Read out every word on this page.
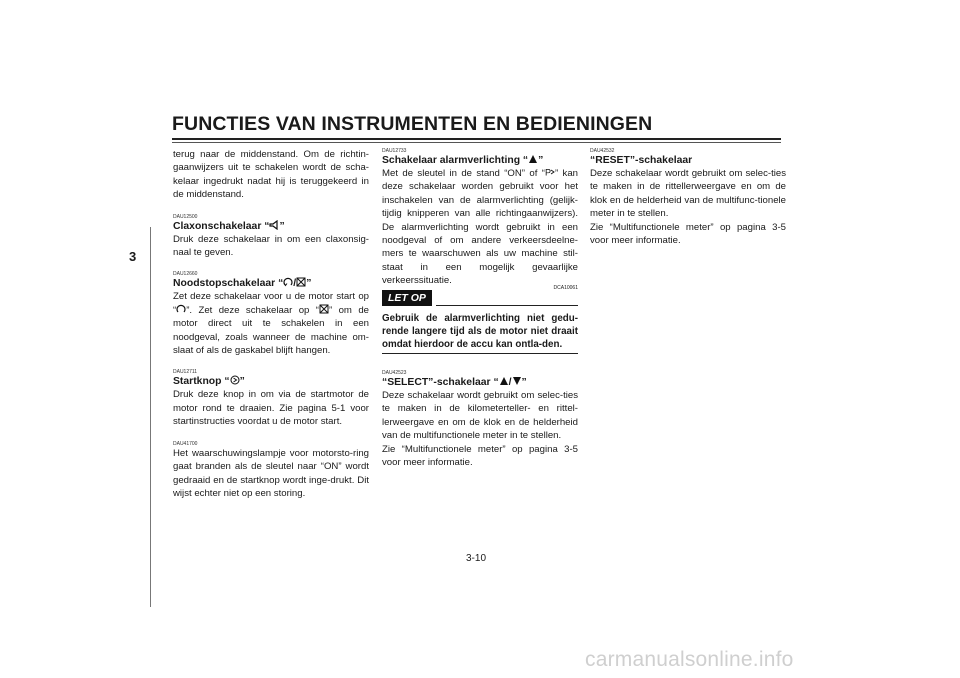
FUNCTIES VAN INSTRUMENTEN EN BEDIENINGEN
3

terug naar de middenstand. Om de richtin-gaanwijzers uit te schakelen wordt de scha-kelaar ingedrukt nadat hij is teruggekeerd in de middenstand.

DAU12500

Claxonschakelaar “ ”

Druk deze schakelaar in om een claxonsig-naal te geven.

DAU12660

Noodstopschakelaar “ / ”

Zet deze schakelaar voor u de motor start op “ ”. Zet deze schakelaar op “ ” om de motor direct uit te schakelen in een noodgeval, zoals wanneer de machine om-slaat of als de gaskabel blijft hangen.

DAU12711

Startknop “ ”

Druk deze knop in om via de startmotor de motor rond te draaien. Zie pagina 5-1 voor startinstructies voordat u de motor start.

DAU41700

Het waarschuwingslampje voor motorsto-ring gaat branden als de sleutel naar “ON” wordt gedraaid en de startknop wordt inge-drukt. Dit wijst echter niet op een storing.

DAU12733

Schakelaar alarmverlichting “ ”

Met de sleutel in de stand “ON” of “ P ” kan deze schakelaar worden gebruikt voor het inschakelen van de alarmverlichting (gelijk-tijdig knipperen van alle richtingaanwijzers). De alarmverlichting wordt gebruikt in een noodgeval of om andere verkeersdeelne-mers te waarschuwen als uw machine stil-staat in een mogelijk gevaarlijke verkeerssituatie.

LET OP
DCA10061

Gebruik de alarmverlichting niet gedu-rende langere tijd als de motor niet draait omdat hierdoor de accu kan ontla-den.

DAU42523

“SELECT”-schakelaar “ / ”

Deze schakelaar wordt gebruikt om selec-ties te maken in de kilometerteller- en rittel-lerweergave en om de klok en de helderheid van de multifunctionele meter in te stellen.
Zie “Multifunctionele meter” op pagina 3-5 voor meer informatie.

DAU42532

“RESET”-schakelaar

Deze schakelaar wordt gebruikt om selec-ties te maken in de rittellerweergave en om de klok en de helderheid van de multifunc-tionele meter in te stellen.
Zie “Multifunctionele meter” op pagina 3-5 voor meer informatie.

3-10
carmanualsonline.info
